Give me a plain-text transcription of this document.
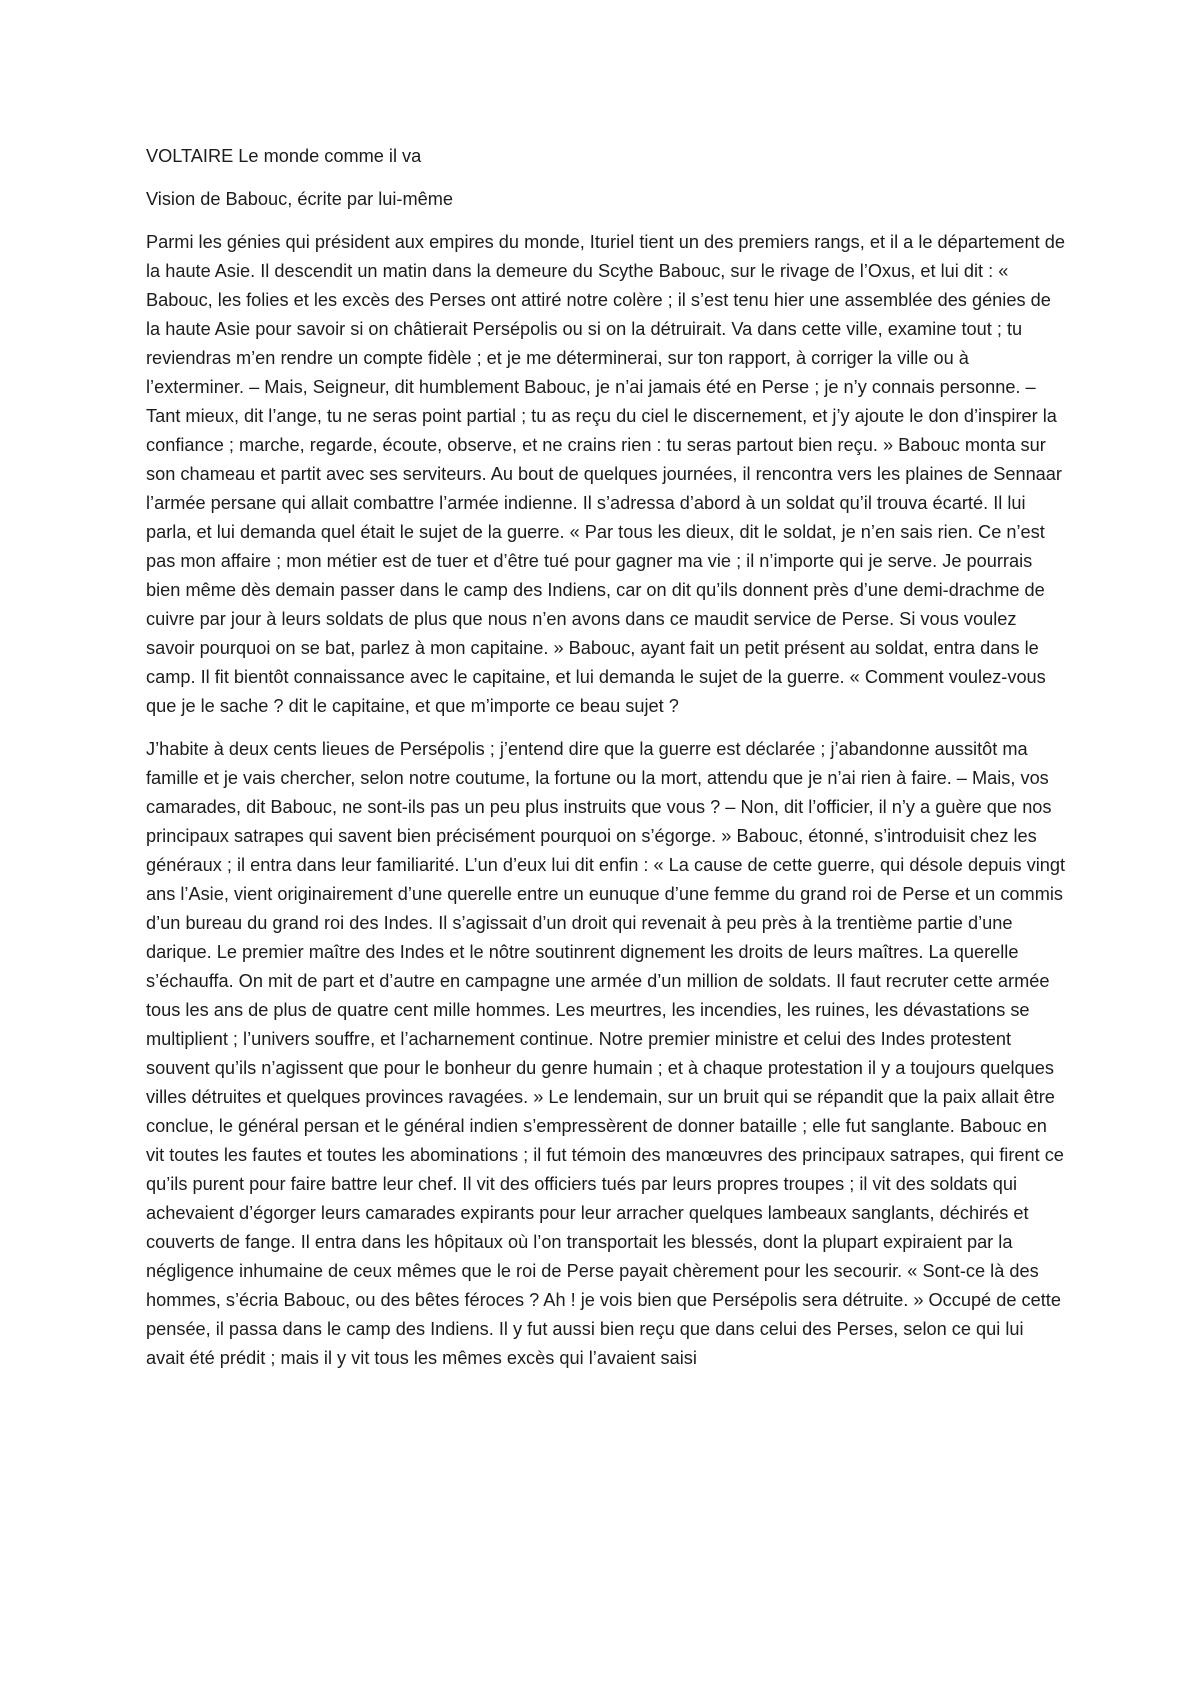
VOLTAIRE Le monde comme il va

Vision de Babouc, écrite par lui-même

Parmi les génies qui président aux empires du monde, Ituriel tient un des premiers rangs, et il a le département de la haute Asie. Il descendit un matin dans la demeure du Scythe Babouc, sur le rivage de l’Oxus, et lui dit : « Babouc, les folies et les excès des Perses ont attiré notre colère ; il s’est tenu hier une assemblée des génies de la haute Asie pour savoir si on châtierait Persépolis ou si on la détruirait. Va dans cette ville, examine tout ; tu reviendras m’en rendre un compte fidèle ; et je me déterminerai, sur ton rapport, à corriger la ville ou à l’exterminer. – Mais, Seigneur, dit humblement Babouc, je n’ai jamais été en Perse ; je n’y connais personne. – Tant mieux, dit l’ange, tu ne seras point partial ; tu as reçu du ciel le discernement, et j’y ajoute le don d’inspirer la confiance ; marche, regarde, écoute, observe, et ne crains rien : tu seras partout bien reçu. » Babouc monta sur son chameau et partit avec ses serviteurs. Au bout de quelques journées, il rencontra vers les plaines de Sennaar l’armée persane qui allait combattre l’armée indienne. Il s’adressa d’abord à un soldat qu’il trouva écarté. Il lui parla, et lui demanda quel était le sujet de la guerre. « Par tous les dieux, dit le soldat, je n’en sais rien. Ce n’est pas mon affaire ; mon métier est de tuer et d’être tué pour gagner ma vie ; il n’importe qui je serve. Je pourrais bien même dès demain passer dans le camp des Indiens, car on dit qu’ils donnent près d’une demi-drachme de cuivre par jour à leurs soldats de plus que nous n’en avons dans ce maudit service de Perse. Si vous voulez savoir pourquoi on se bat, parlez à mon capitaine. » Babouc, ayant fait un petit présent au soldat, entra dans le camp. Il fit bientôt connaissance avec le capitaine, et lui demanda le sujet de la guerre. « Comment voulez-vous que je le sache ? dit le capitaine, et que m’importe ce beau sujet ?

J’habite à deux cents lieues de Persépolis ; j’entend dire que la guerre est déclarée ; j’abandonne aussitôt ma famille et je vais chercher, selon notre coutume, la fortune ou la mort, attendu que je n’ai rien à faire. – Mais, vos camarades, dit Babouc, ne sont-ils pas un peu plus instruits que vous ? – Non, dit l’officier, il n’y a guère que nos principaux satrapes qui savent bien précisément pourquoi on s’égorge. » Babouc, étonné, s’introduisit chez les généraux ; il entra dans leur familiarité. L’un d’eux lui dit enfin : « La cause de cette guerre, qui désole depuis vingt ans l’Asie, vient originairement d’une querelle entre un eunuque d’une femme du grand roi de Perse et un commis d’un bureau du grand roi des Indes. Il s’agissait d’un droit qui revenait à peu près à la trentième partie d’une darique. Le premier maître des Indes et le nôtre soutinrent dignement les droits de leurs maîtres. La querelle s’échauffa. On mit de part et d’autre en campagne une armée d’un million de soldats. Il faut recruter cette armée tous les ans de plus de quatre cent mille hommes. Les meurtres, les incendies, les ruines, les dévastations se multiplient ; l’univers souffre, et l’acharnement continue. Notre premier ministre et celui des Indes protestent souvent qu’ils n’agissent que pour le bonheur du genre humain ; et à chaque protestation il y a toujours quelques villes détruites et quelques provinces ravagées. » Le lendemain, sur un bruit qui se répandit que la paix allait être conclue, le général persan et le général indien s’empressèrent de donner bataille ; elle fut sanglante. Babouc en vit toutes les fautes et toutes les abominations ; il fut témoin des manœuvres des principaux satrapes, qui firent ce qu’ils purent pour faire battre leur chef. Il vit des officiers tués par leurs propres troupes ; il vit des soldats qui achevaient d’égorger leurs camarades expirants pour leur arracher quelques lambeaux sanglants, déchirés et couverts de fange. Il entra dans les hôpitaux où l’on transportait les blessés, dont la plupart expiraient par la négligence inhumaine de ceux mêmes que le roi de Perse payait chèrement pour les secourir. « Sont-ce là des hommes, s’écria Babouc, ou des bêtes féroces ? Ah ! je vois bien que Persépolis sera détruite. » Occupé de cette pensée, il passa dans le camp des Indiens. Il y fut aussi bien reçu que dans celui des Perses, selon ce qui lui avait été prédit ; mais il y vit tous les mêmes excès qui l’avaient saisi
